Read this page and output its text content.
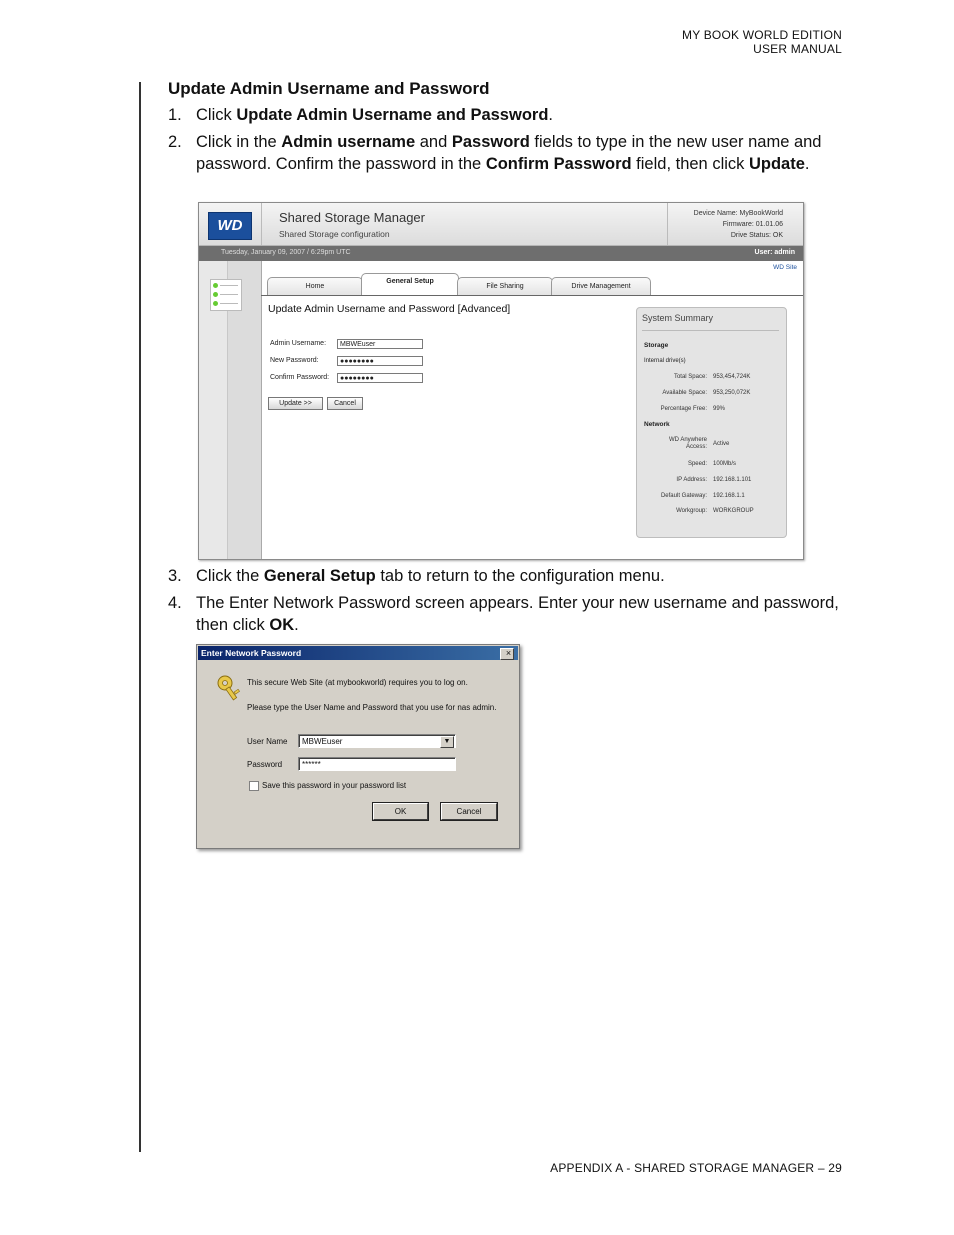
MY BOOK WORLD EDITION
USER MANUAL
Update Admin Username and Password
1. Click Update Admin Username and Password.
2. Click in the Admin username and Password fields to type in the new user name and password. Confirm the password in the Confirm Password field, then click Update.
3. Click the General Setup tab to return to the configuration menu.
4. The Enter Network Password screen appears. Enter your new username and password, then click OK.
WD	Shared Storage Manager
Shared Storage configuration
Device Name: MyBookWorld
Firmware: 01.01.06
Drive Status: OK
Tuesday, January 09, 2007 / 6:29pm UTC	User: admin
WD Site
Home
General Setup
File Sharing	Drive Management
Update Admin Username and Password [Advanced]
Admin Username:	MBWEuser
New Password:	●●●●●●●●
Confirm Password:	●●●●●●●●
Update >>	Cancel
System Summary
Storage
Internal drive(s)
Total Space: 953,454,724K
Available Space: 953,250,072K
Percentage Free: 99%
Network
WD Anywhere
Access: Active
Speed: 100Mb/s
IP Address: 192.168.1.101
Default Gateway: 192.168.1.1
Workgroup: WORKGROUP
Enter Network Password	×
This secure Web Site (at mybookworld) requires you to log on.
Please type the User Name and Password that you use for nas admin.
User Name	MBWEuser	▼
Password	******
Save this password in your password list
OK	Cancel
APPENDIX A - SHARED STORAGE MANAGER – 29
